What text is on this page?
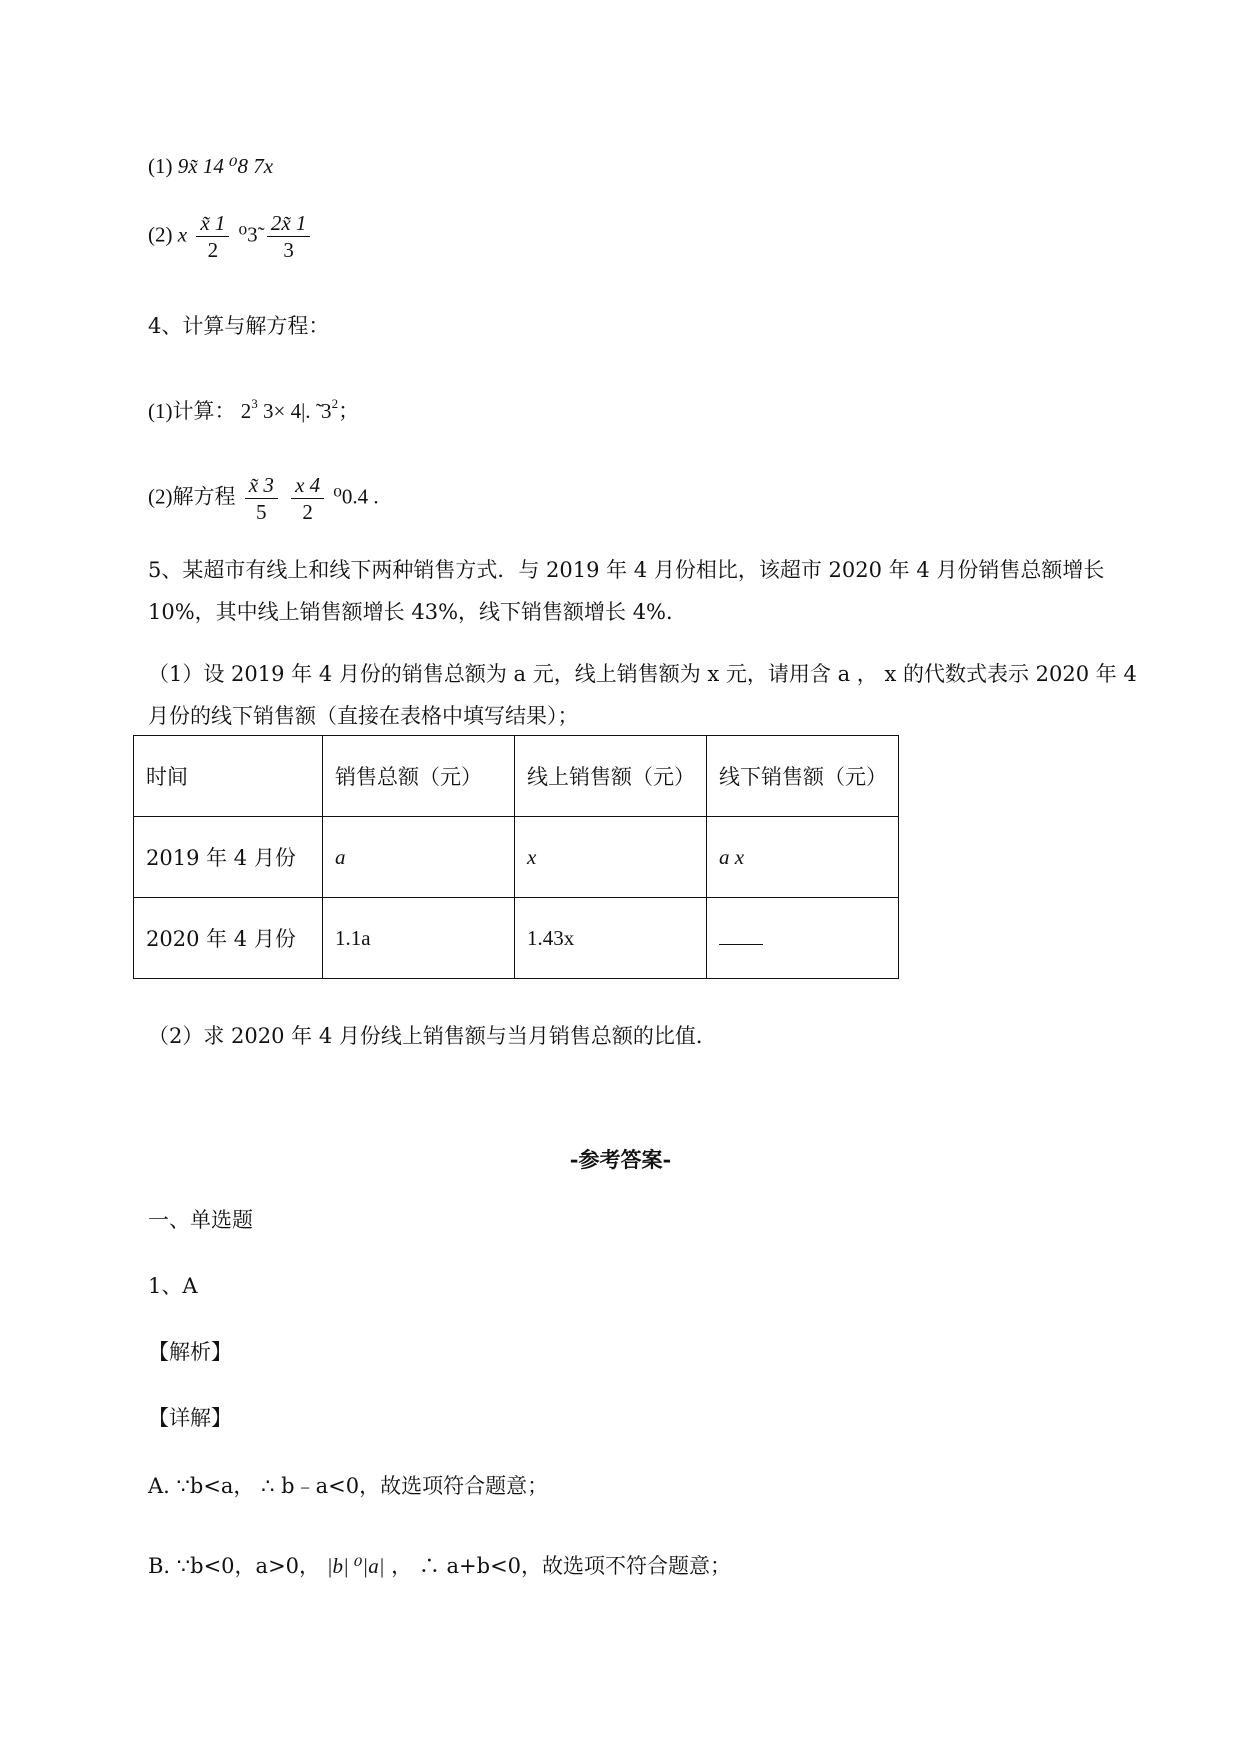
(1) 9x̃ 14 ⁰8 7x
(2) x $\frac{x̃ 1}{2}$ ⁰3̃ $\frac{2x̃ 1}{3}$
4、计算与解方程：
(1)计算： $2^3$ 3× 4|. ̃ $3^2$；
(2)解方程 $\frac{x̃ 3}{5}$
$\frac{x 4}{2} ^00.4$ .
5、某超市有线上和线下两种销售方式．与 2019 年 4 月份相比，该超市 2020 年 4 月份销售总额增长
10%，其中线上销售额增长 43%，线下销售额增长 4%．
（1）设 2019 年 4 月份的销售总额为 a 元，线上销售额为 x 元，请用含 a ， x 的代数式表示 2020 年 4
月份的线下销售额（直接在表格中填写结果）；
时间	销售总额（元）	线上销售额（元）	线下销售额（元）
2019 年 4 月份	a	x	a x
2020 年 4 月份	1.1a	1.43x	
（2）求 2020 年 4 月份线上销售额与当月销售总额的比值．
-参考答案-
一、单选题
1、A
【解析】
【详解】
A. ∵b<a， ∴ b﹣a<0，故选项符合题意；
B. ∵b<0，a>0， |b| ⁰|a| ， ∴ a+b<0，故选项不符合题意；
